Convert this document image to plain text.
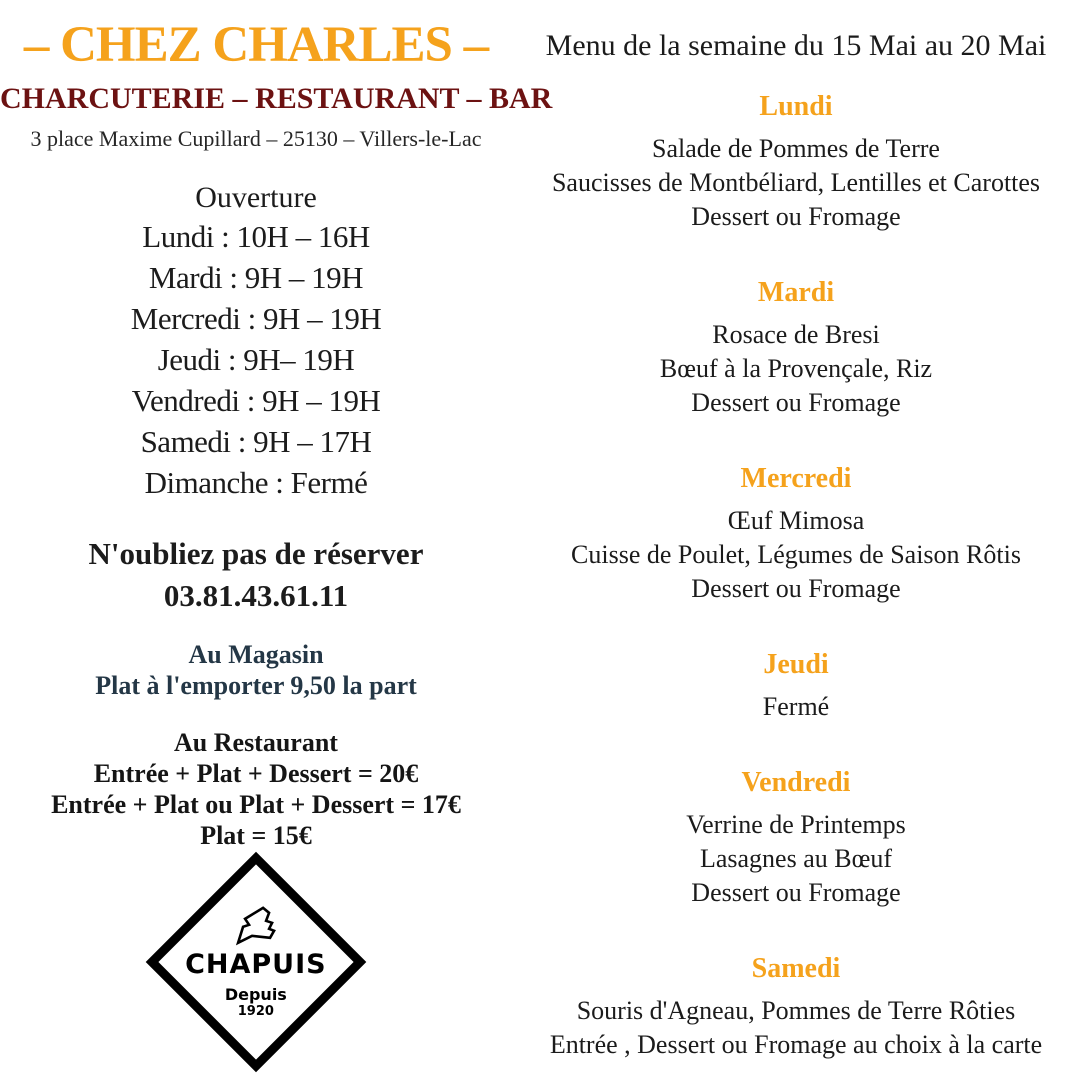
– CHEZ CHARLES –
CHARCUTERIE – RESTAURANT – BAR
3 place Maxime Cupillard – 25130 – Villers-le-Lac
Ouverture
Lundi : 10H – 16H
Mardi : 9H – 19H
Mercredi : 9H – 19H
Jeudi : 9H– 19H
Vendredi : 9H – 19H
Samedi : 9H – 17H
Dimanche : Fermé
N'oubliez pas de réserver
03.81.43.61.11
Au Magasin
Plat à l'emporter 9,50 la part
Au Restaurant
Entrée + Plat + Dessert = 20€
Entrée + Plat ou Plat + Dessert = 17€
Plat = 15€
CHAPUIS
Depuis
1920
Menu de la semaine du 15 Mai au 20 Mai
Lundi
Salade de Pommes de Terre
Saucisses de Montbéliard, Lentilles et Carottes
Dessert ou Fromage
Mardi
Rosace de Bresi
Bœuf à la Provençale, Riz
Dessert ou Fromage
Mercredi
Œuf Mimosa
Cuisse de Poulet, Légumes de Saison Rôtis
Dessert ou Fromage
Jeudi
Fermé
Vendredi
Verrine de Printemps
Lasagnes au Bœuf
Dessert ou Fromage
Samedi
Souris d'Agneau, Pommes de Terre Rôties
Entrée , Dessert ou Fromage au choix à la carte
